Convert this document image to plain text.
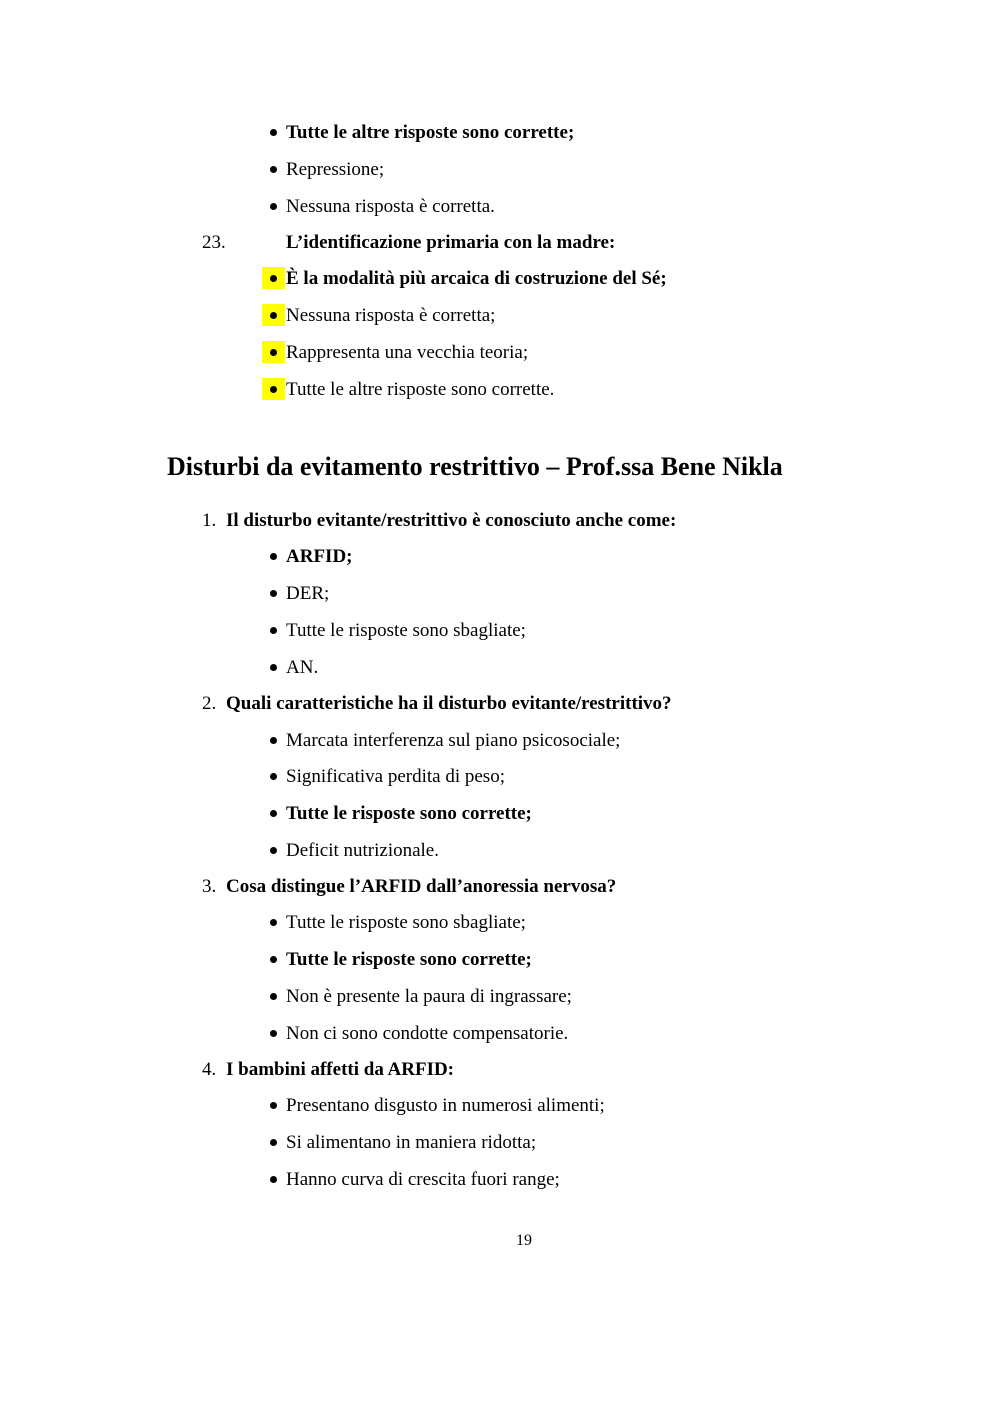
Tutte le altre risposte sono corrette;
Repressione;
Nessuna risposta è corretta.
23.	L’identificazione primaria con la madre:
È la modalità più arcaica di costruzione del Sé;
Nessuna risposta è corretta;
Rappresenta una vecchia teoria;
Tutte le altre risposte sono corrette.
Disturbi da evitamento restrittivo – Prof.ssa Bene Nikla
1. Il disturbo evitante/restrittivo è conosciuto anche come:
ARFID;
DER;
Tutte le risposte sono sbagliate;
AN.
2. Quali caratteristiche ha il disturbo evitante/restrittivo?
Marcata interferenza sul piano psicosociale;
Significativa perdita di peso;
Tutte le risposte sono corrette;
Deficit nutrizionale.
3. Cosa distingue l’ARFID dall’anoressia nervosa?
Tutte le risposte sono sbagliate;
Tutte le risposte sono corrette;
Non è presente la paura di ingrassare;
Non ci sono condotte compensatorie.
4. I bambini affetti da ARFID:
Presentano disgusto in numerosi alimenti;
Si alimentano in maniera ridotta;
Hanno curva di crescita fuori range;
19
